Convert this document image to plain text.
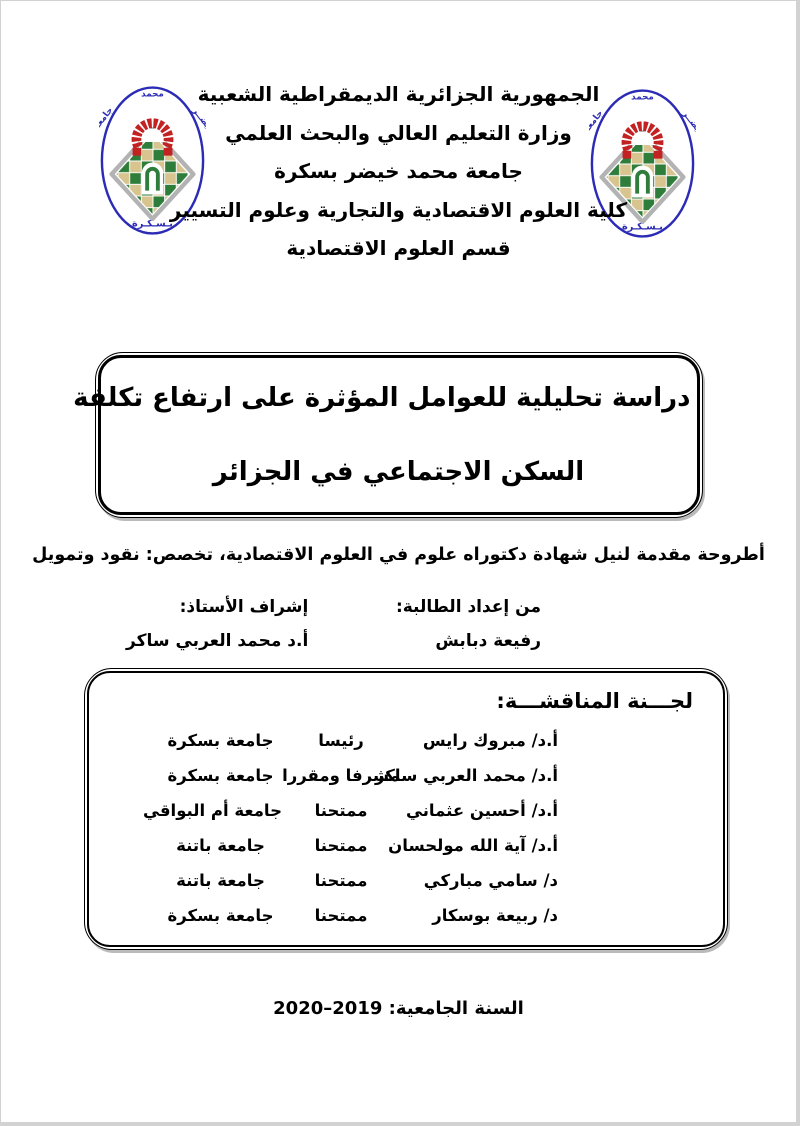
الجمهورية الجزائرية الديمقراطية الشعبية
وزارة التعليم العالي والبحث العلمي
جامعة محمد خيضر بسكرة
كلية العلوم الاقتصادية والتجارية وعلوم التسيير
قسم العلوم الاقتصادية
دراسة تحليلية للعوامل المؤثرة على ارتفاع تكلفة
السكن الاجتماعي في الجزائر
أطروحة مقدمة لنيل شهادة دكتوراه علوم في العلوم الاقتصادية، تخصص: نقود وتمويل
من إعداد الطالبة:
رفيعة دبابش
إشراف الأستاذ:
أ.د محمد العربي ساكر
لجـــنة المناقشـــة:
أ.د/ مبروك رايس
رئيسا
جامعة بسكرة
أ.د/ محمد العربي ساكر
مشرفا ومقررا
جامعة بسكرة
أ.د/ أحسين عثماني
ممتحنا
جامعة أم البواقي
أ.د/ آية الله مولحسان
ممتحنا
جامعة باتنة
د/ سامي مباركي
ممتحنا
جامعة باتنة
د/ ربيعة بوسكار
ممتحنا
جامعة بسكرة
السنة الجامعية: 2019–2020
